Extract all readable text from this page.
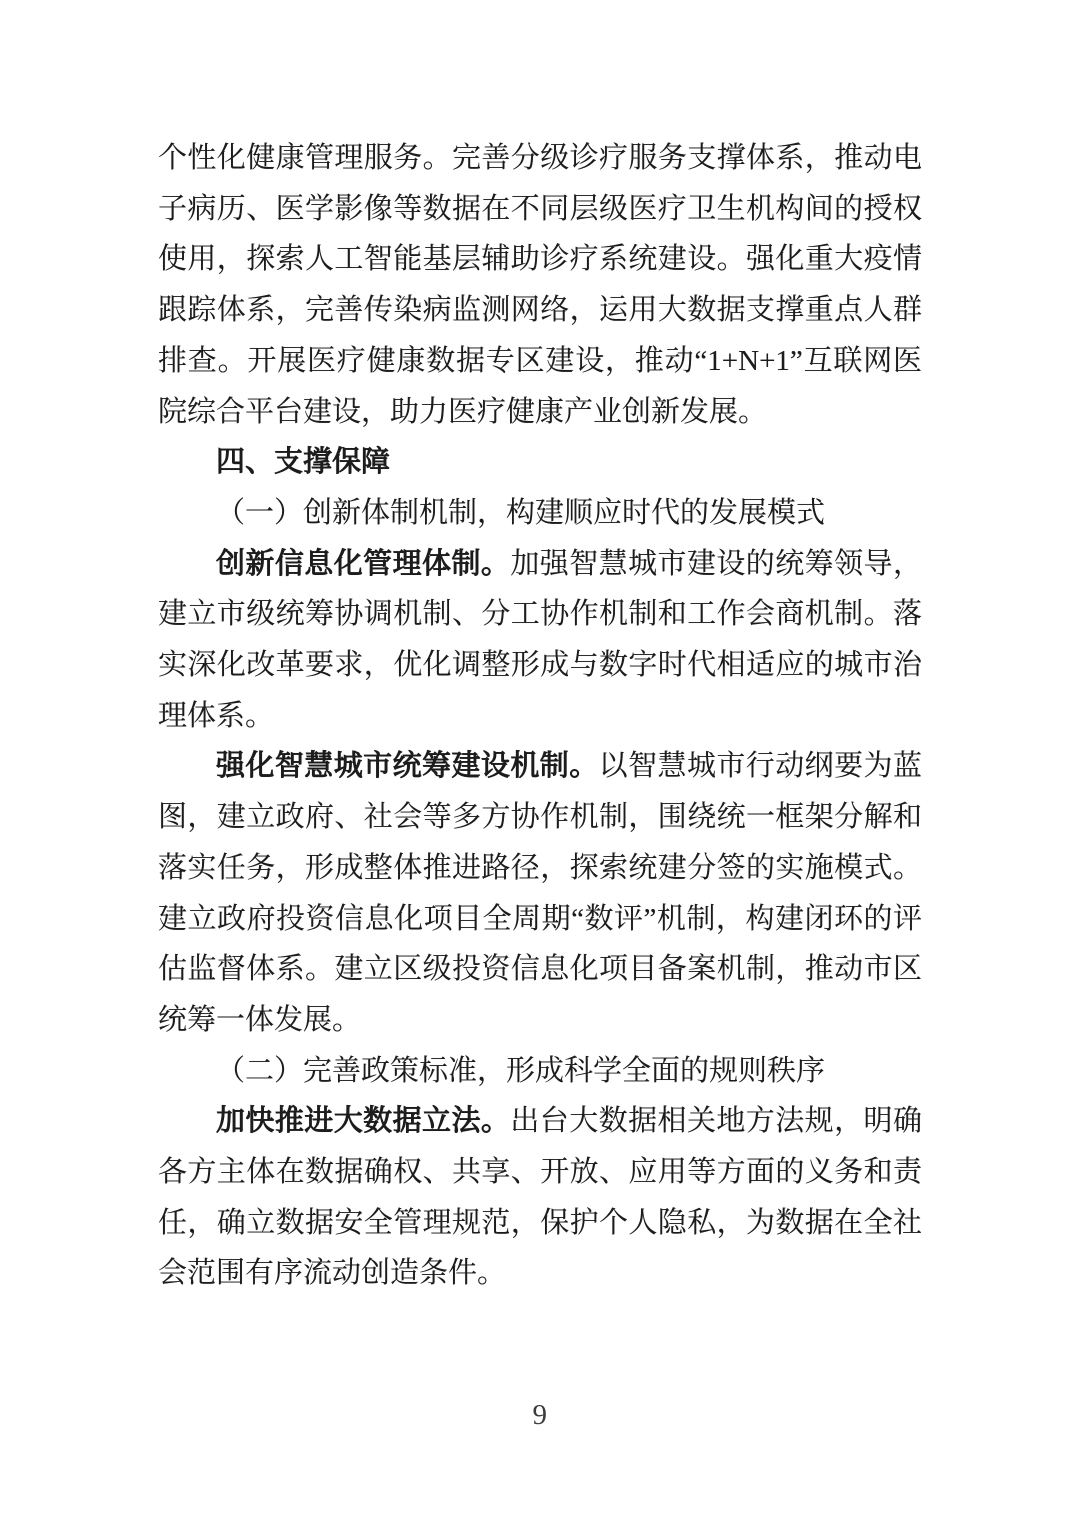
个性化健康管理服务。完善分级诊疗服务支撑体系，推动电子病历、医学影像等数据在不同层级医疗卫生机构间的授权使用，探索人工智能基层辅助诊疗系统建设。强化重大疫情跟踪体系，完善传染病监测网络，运用大数据支撑重点人群排查。开展医疗健康数据专区建设，推动“1+N+1”互联网医院综合平台建设，助力医疗健康产业创新发展。

四、支撑保障

（一）创新体制机制，构建顺应时代的发展模式

创新信息化管理体制。加强智慧城市建设的统筹领导，建立市级统筹协调机制、分工协作机制和工作会商机制。落实深化改革要求，优化调整形成与数字时代相适应的城市治理体系。

强化智慧城市统筹建设机制。以智慧城市行动纲要为蓝图，建立政府、社会等多方协作机制，围绕统一框架分解和落实任务，形成整体推进路径，探索统建分签的实施模式。建立政府投资信息化项目全周期“数评”机制，构建闭环的评估监督体系。建立区级投资信息化项目备案机制，推动市区统筹一体发展。

（二）完善政策标准，形成科学全面的规则秩序

加快推进大数据立法。出台大数据相关地方法规，明确各方主体在数据确权、共享、开放、应用等方面的义务和责任，确立数据安全管理规范，保护个人隐私，为数据在全社会范围有序流动创造条件。

9
